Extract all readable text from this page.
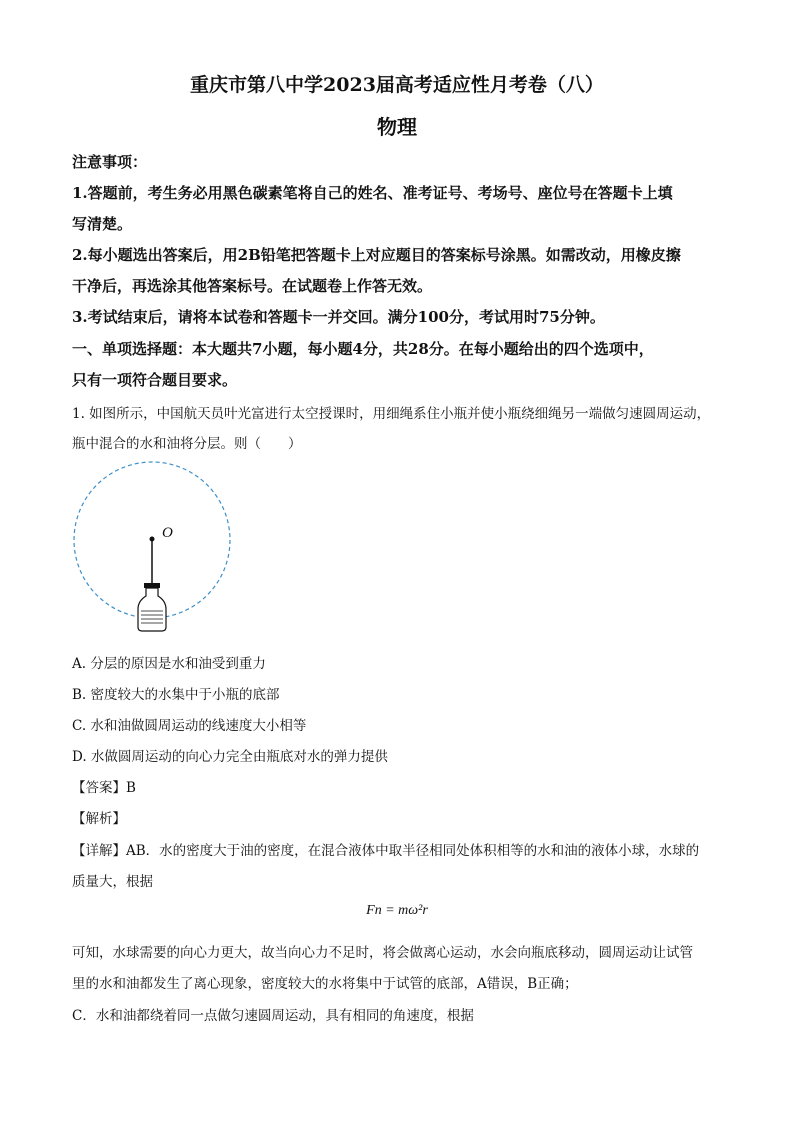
重庆市第八中学2023届高考适应性月考卷（八）
物理
注意事项：
1.答题前，考生务必用黑色碳素笔将自己的姓名、准考证号、考场号、座位号在答题卡上填
写清楚。
2.每小题选出答案后，用2B铅笔把答题卡上对应题目的答案标号涂黑。如需改动，用橡皮擦
干净后，再选涂其他答案标号。在试题卷上作答无效。
3.考试结束后，请将本试卷和答题卡一并交回。满分100分，考试用时75分钟。
一、单项选择题：本大题共7小题，每小题4分，共28分。在每小题给出的四个选项中，
只有一项符合题目要求。
1. 如图所示，中国航天员叶光富进行太空授课时，用细绳系住小瓶并使小瓶绕细绳另一端做匀速圆周运动，
瓶中混合的水和油将分层。则（　　）
O
A. 分层的原因是水和油受到重力
B. 密度较大的水集中于小瓶的底部
C. 水和油做圆周运动的线速度大小相等
D. 水做圆周运动的向心力完全由瓶底对水的弹力提供
【答案】B
【解析】
【详解】AB．水的密度大于油的密度，在混合液体中取半径相同处体积相等的水和油的液体小球，水球的
质量大，根据
Fn = mω²r
可知，水球需要的向心力更大，故当向心力不足时，将会做离心运动，水会向瓶底移动，圆周运动让试管
里的水和油都发生了离心现象，密度较大的水将集中于试管的底部，A错误，B正确；
C．水和油都绕着同一点做匀速圆周运动，具有相同的角速度，根据
